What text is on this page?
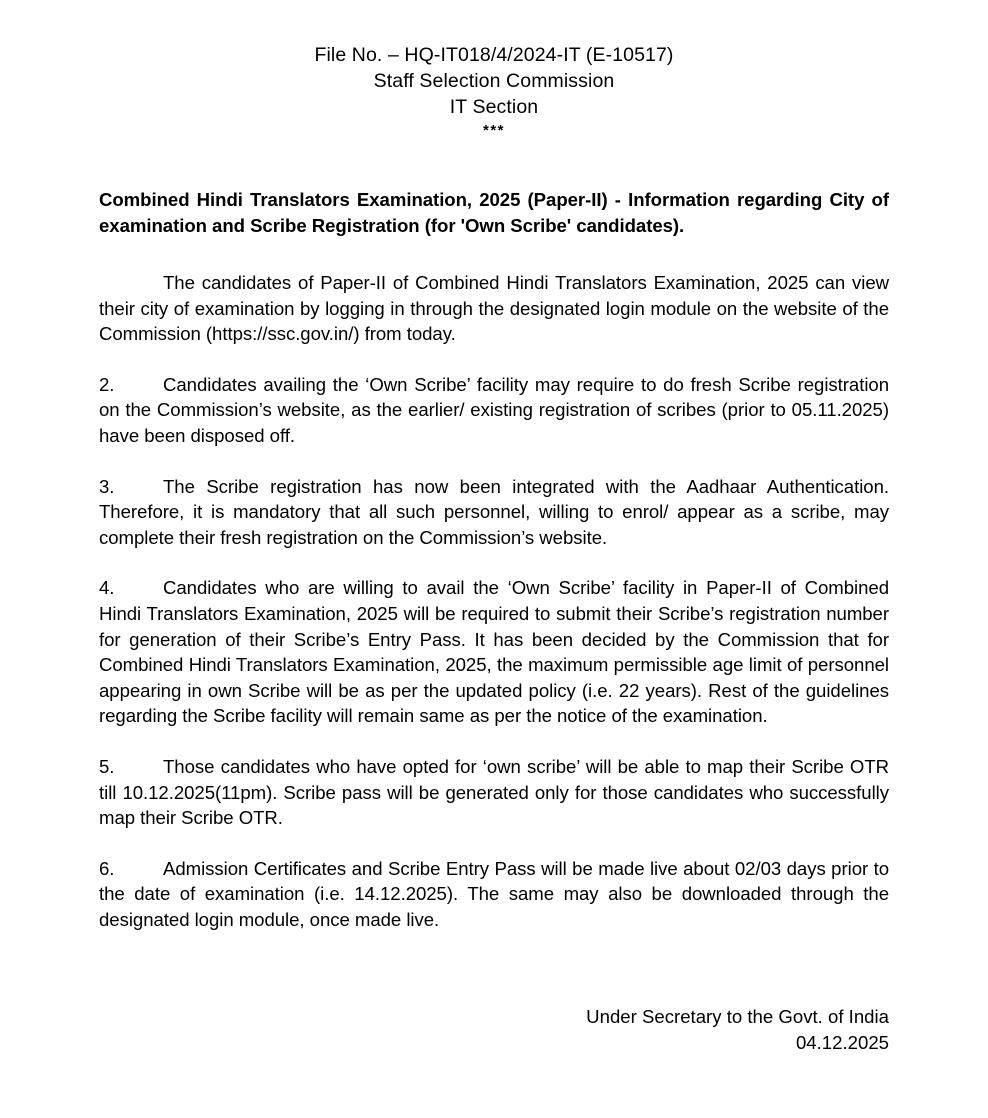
File No. – HQ-IT018/4/2024-IT (E-10517)
Staff Selection Commission
IT Section
***
Combined Hindi Translators Examination, 2025 (Paper-II) - Information regarding City of examination and Scribe Registration (for 'Own Scribe' candidates).
The candidates of Paper-II of Combined Hindi Translators Examination, 2025 can view their city of examination by logging in through the designated login module on the website of the Commission (https://ssc.gov.in/) from today.
2.	Candidates availing the ‘Own Scribe’ facility may require to do fresh Scribe registration on the Commission’s website, as the earlier/ existing registration of scribes (prior to 05.11.2025) have been disposed off.
3.	The Scribe registration has now been integrated with the Aadhaar Authentication. Therefore, it is mandatory that all such personnel, willing to enrol/ appear as a scribe, may complete their fresh registration on the Commission’s website.
4.	Candidates who are willing to avail the ‘Own Scribe’ facility in Paper-II of Combined Hindi Translators Examination, 2025 will be required to submit their Scribe’s registration number for generation of their Scribe’s Entry Pass. It has been decided by the Commission that for Combined Hindi Translators Examination, 2025, the maximum permissible age limit of personnel appearing in own Scribe will be as per the updated policy (i.e. 22 years). Rest of the guidelines regarding the Scribe facility will remain same as per the notice of the examination.
5.	Those candidates who have opted for ‘own scribe’ will be able to map their Scribe OTR till 10.12.2025(11pm). Scribe pass will be generated only for those candidates who successfully map their Scribe OTR.
6.	Admission Certificates and Scribe Entry Pass will be made live about 02/03 days prior to the date of examination (i.e. 14.12.2025). The same may also be downloaded through the designated login module, once made live.
Under Secretary to the Govt. of India
04.12.2025
